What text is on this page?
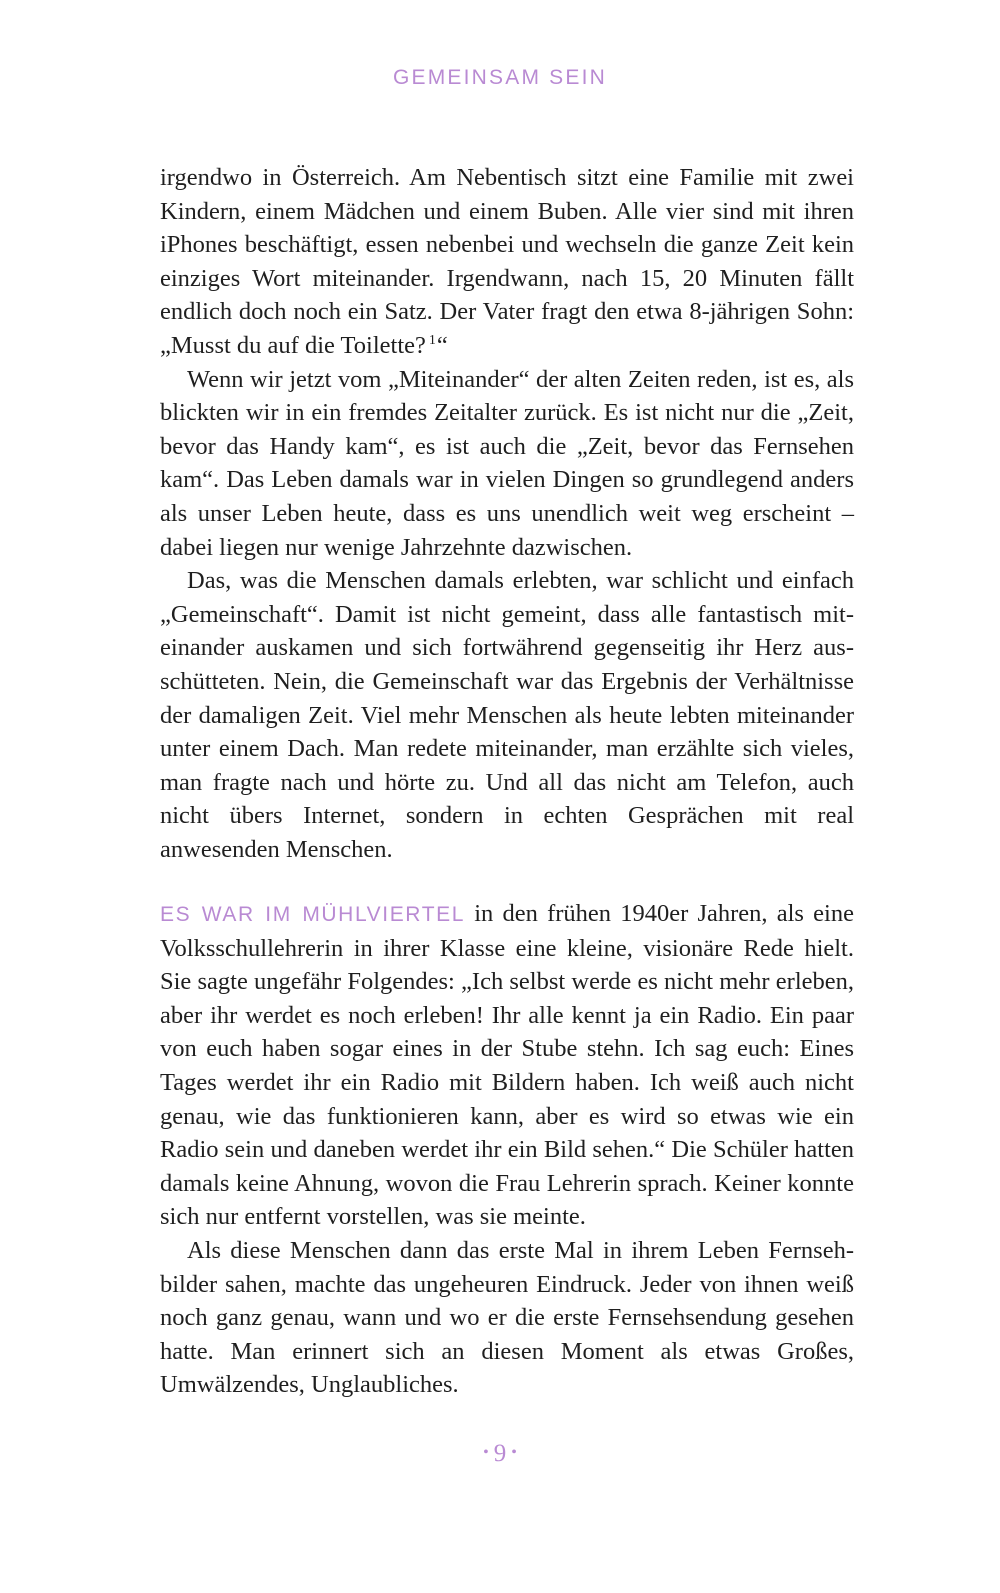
GEMEINSAM SEIN

irgendwo in Österreich. Am Nebentisch sitzt eine Familie mit zwei Kindern, einem Mädchen und einem Buben. Alle vier sind mit ihren iPhones beschäftigt, essen nebenbei und wechseln die ganze Zeit kein einziges Wort miteinander. Irgendwann, nach 15, 20 Minuten fällt endlich doch noch ein Satz. Der Vater fragt den etwa 8-jährigen Sohn: „Musst du auf die Toilette? $^1$“

Wenn wir jetzt vom „Miteinander“ der alten Zeiten reden, ist es, als blickten wir in ein fremdes Zeitalter zurück. Es ist nicht nur die „Zeit, bevor das Handy kam“, es ist auch die „Zeit, bevor das Fernsehen kam“. Das Leben damals war in vielen Dingen so grundlegend anders als unser Leben heute, dass es uns unendlich weit weg erscheint – dabei liegen nur wenige Jahrzehnte dazwischen.

Das, was die Menschen damals erlebten, war schlicht und einfach „Gemeinschaft“. Damit ist nicht gemeint, dass alle fantastisch miteinander auskamen und sich fortwährend gegenseitig ihr Herz ausschütteten. Nein, die Gemeinschaft war das Ergebnis der Verhältnisse der damaligen Zeit. Viel mehr Menschen als heute lebten miteinander unter einem Dach. Man redete miteinander, man erzählte sich vieles, man fragte nach und hörte zu. Und all das nicht am Telefon, auch nicht übers Internet, sondern in echten Gesprächen mit real anwesenden Menschen.

ES WAR IM MÜHLVIERTEL in den frühen 1940er Jahren, als eine Volksschullehrerin in ihrer Klasse eine kleine, visionäre Rede hielt. Sie sagte ungefähr Folgendes: „Ich selbst werde es nicht mehr erleben, aber ihr werdet es noch erleben! Ihr alle kennt ja ein Radio. Ein paar von euch haben sogar eines in der Stube stehn. Ich sag euch: Eines Tages werdet ihr ein Radio mit Bildern haben. Ich weiß auch nicht genau, wie das funktionieren kann, aber es wird so etwas wie ein Radio sein und daneben werdet ihr ein Bild sehen.“ Die Schüler hatten damals keine Ahnung, wovon die Frau Lehrerin sprach. Keiner konnte sich nur entfernt vorstellen, was sie meinte.

Als diese Menschen dann das erste Mal in ihrem Leben Fernsehbilder sahen, machte das ungeheuren Eindruck. Jeder von ihnen weiß noch ganz genau, wann und wo er die erste Fernsehsendung gesehen hatte. Man erinnert sich an diesen Moment als etwas Großes, Umwälzendes, Unglaubliches.

• 9 •
